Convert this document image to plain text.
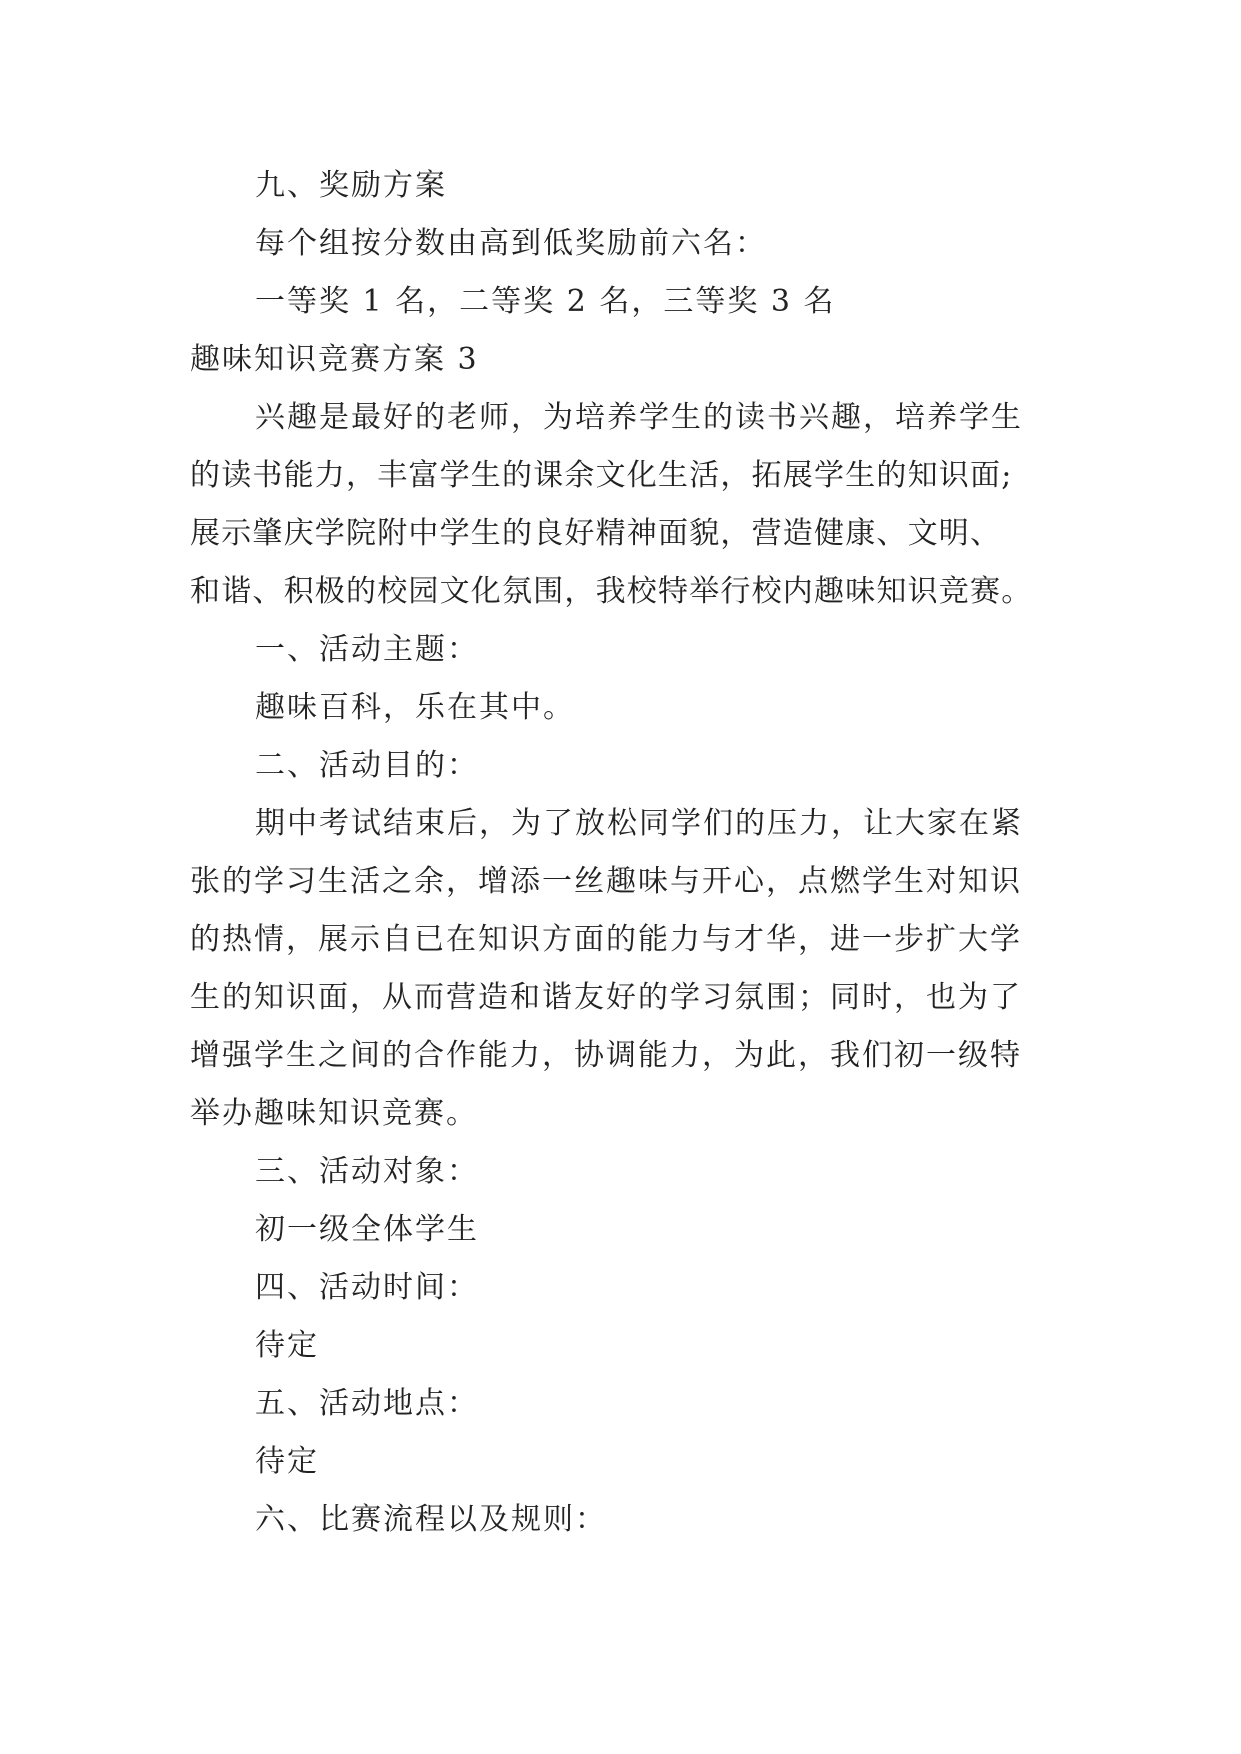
九、奖励方案
每个组按分数由高到低奖励前六名：
一等奖 1 名，二等奖 2 名，三等奖 3 名
趣味知识竞赛方案 3
兴趣是最好的老师，为培养学生的读书兴趣，培养学生
的读书能力，丰富学生的课余文化生活，拓展学生的知识面;
展示肇庆学院附中学生的良好精神面貌，营造健康、文明、
和谐、积极的校园文化氛围，我校特举行校内趣味知识竞赛。
一、活动主题：
趣味百科，乐在其中。
二、活动目的：
期中考试结束后，为了放松同学们的压力，让大家在紧
张的学习生活之余，增添一丝趣味与开心，点燃学生对知识
的热情，展示自已在知识方面的能力与才华，进一步扩大学
生的知识面，从而营造和谐友好的学习氛围；同时，也为了
增强学生之间的合作能力，协调能力，为此，我们初一级特
举办趣味知识竞赛。
三、活动对象：
初一级全体学生
四、活动时间：
待定
五、活动地点：
待定
六、比赛流程以及规则：
